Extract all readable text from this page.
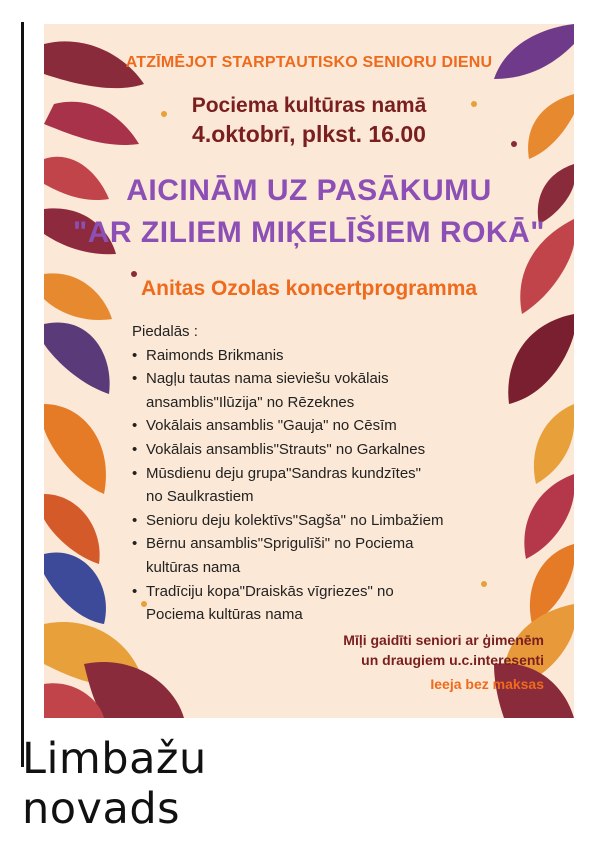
ATZĪMĒJOT STARPTAUTISKO SENIORU DIENU

Pociema kultūras namā

4.oktobrī, plkst. 16.00

AICINĀM UZ PASĀKUMU

"AR ZILIEM MIĶELĪŠIEM ROKĀ"

Anitas Ozolas koncertprogramma

Piedalās :

• Raimonds Brikmanis
• Nagļu tautas nama sieviešu vokālais
ansamblis"Ilūzija" no Rēzeknes
• Vokālais ansamblis "Gauja" no Cēsīm
• Vokālais ansamblis"Strauts" no Garkalnes
• Mūsdienu deju grupa"Sandras kundzītes"
no Saulkrastiem
• Senioru deju kolektīvs"Sagša" no Limbažiem
• Bērnu ansamblis"Sprigulīši" no Pociema
kultūras nama
• Tradīciju kopa"Draiskās vīgriezes" no
Pociema kultūras nama

Mīļi gaidīti seniori ar ģimenēm

un draugiem u.c.interesenti

Ieeja bez maksas

Limbažu

novads
